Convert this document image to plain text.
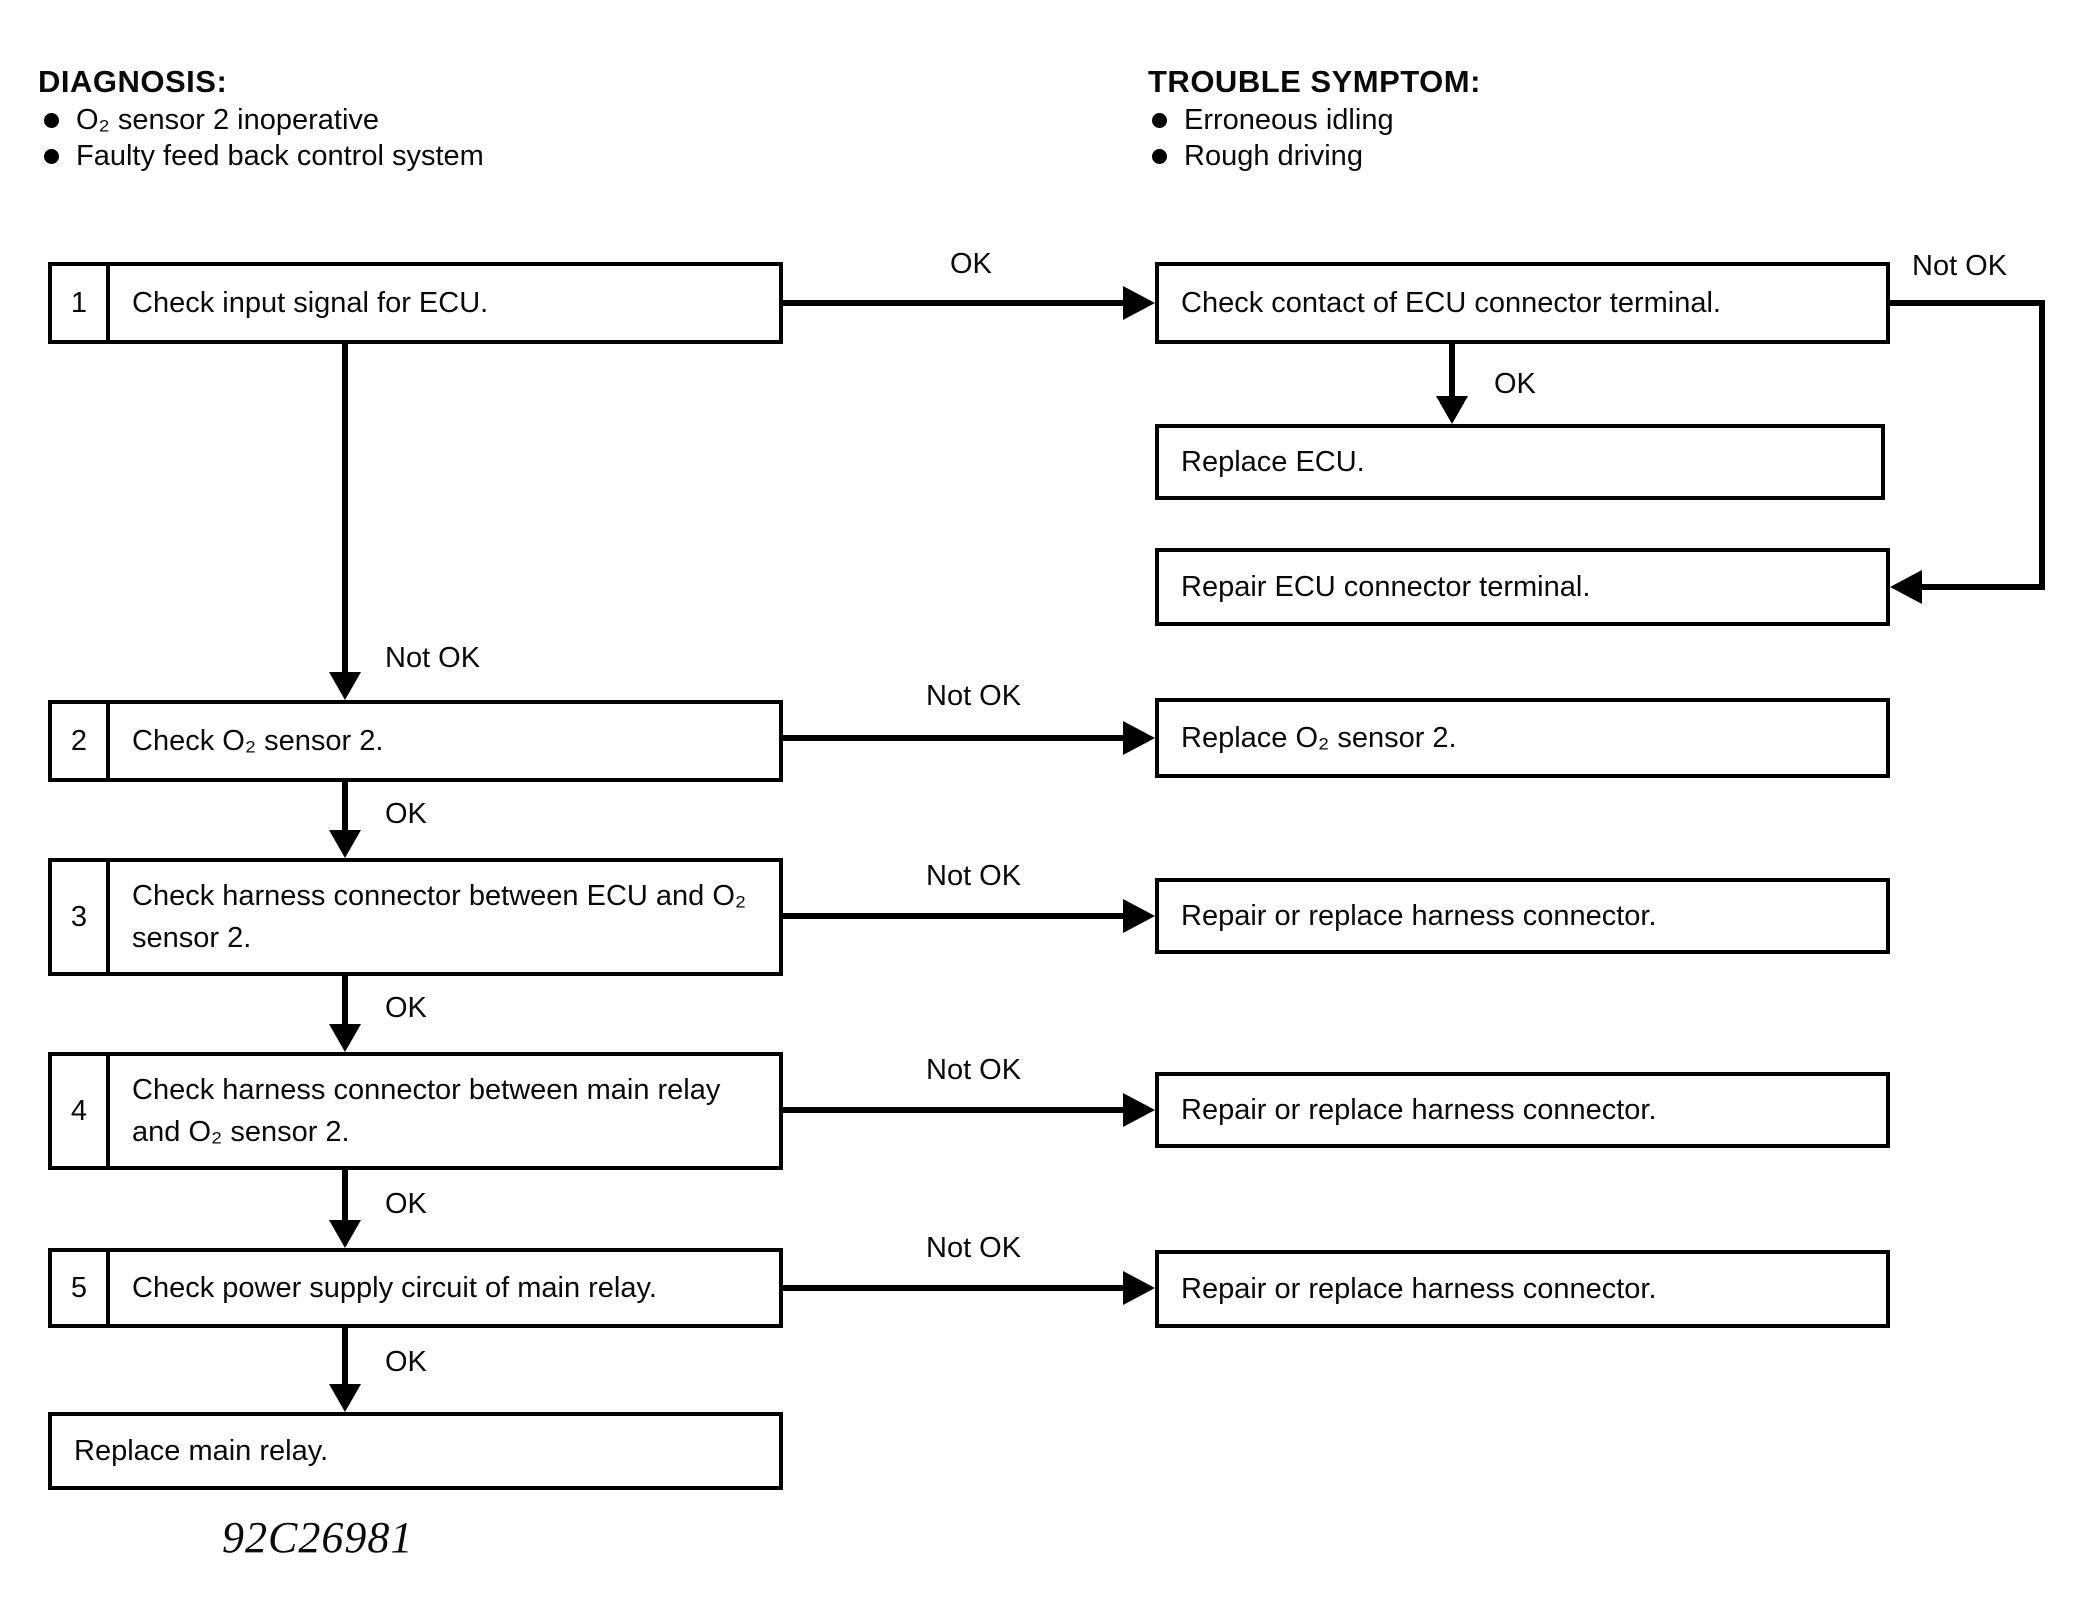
DIAGNOSIS:
O₂ sensor 2 inoperative
Faulty feed back control system
TROUBLE SYMPTOM:
Erroneous idling
Rough driving
1	Check input signal for ECU.
2	Check O₂ sensor 2.
3
Check harness connector between ECU and O₂ sensor 2.
4
Check harness connector between main relay and O₂ sensor 2.
5	Check power supply circuit of main relay.
Replace main relay.
Check contact of ECU connector terminal.
Replace ECU.
Repair ECU connector terminal.
Replace O₂ sensor 2.
Repair or replace harness connector.
Repair or replace harness connector.
Repair or replace harness connector.
OK	Not OK
OK
Not OK
Not OK
OK
Not OK
OK
Not OK
OK
Not OK
OK
92C26981
